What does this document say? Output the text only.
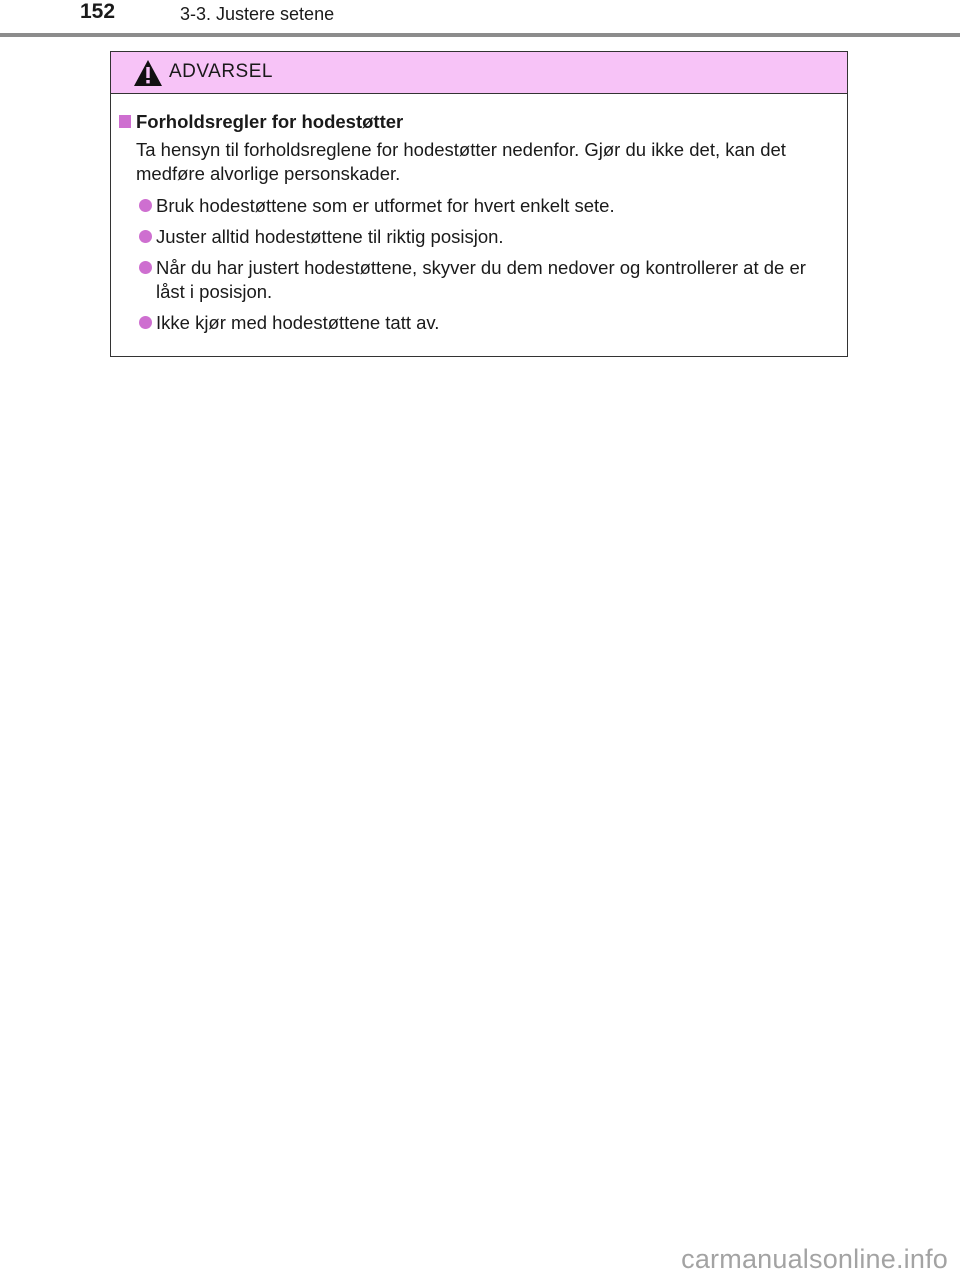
152	3-3. Justere setene
ADVARSEL
Forholdsregler for hodestøtter
Ta hensyn til forholdsreglene for hodestøtter nedenfor. Gjør du ikke det, kan det medføre alvorlige personskader.
Bruk hodestøttene som er utformet for hvert enkelt sete.
Juster alltid hodestøttene til riktig posisjon.
Når du har justert hodestøttene, skyver du dem nedover og kontrollerer at de er låst i posisjon.
Ikke kjør med hodestøttene tatt av.
carmanualsonline.info
